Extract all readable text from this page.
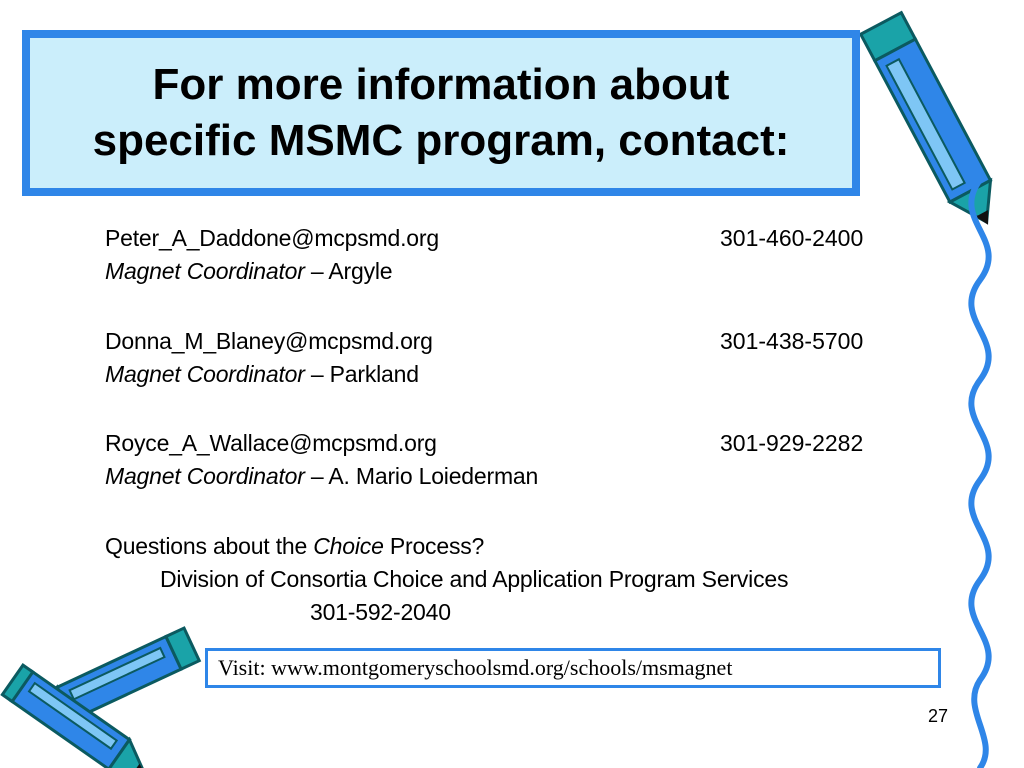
For more information about
specific MSMC program, contact:
Peter_A_Daddone@mcpsmd.org	301-460-2400
Magnet Coordinator – Argyle
Donna_M_Blaney@mcpsmd.org	301-438-5700
Magnet Coordinator – Parkland
Royce_A_Wallace@mcpsmd.org	301-929-2282
Magnet Coordinator – A. Mario Loiederman
Questions about the Choice Process?
Division of Consortia Choice and Application Program Services
301-592-2040
Visit: www.montgomeryschoolsmd.org/schools/msmagnet
27
